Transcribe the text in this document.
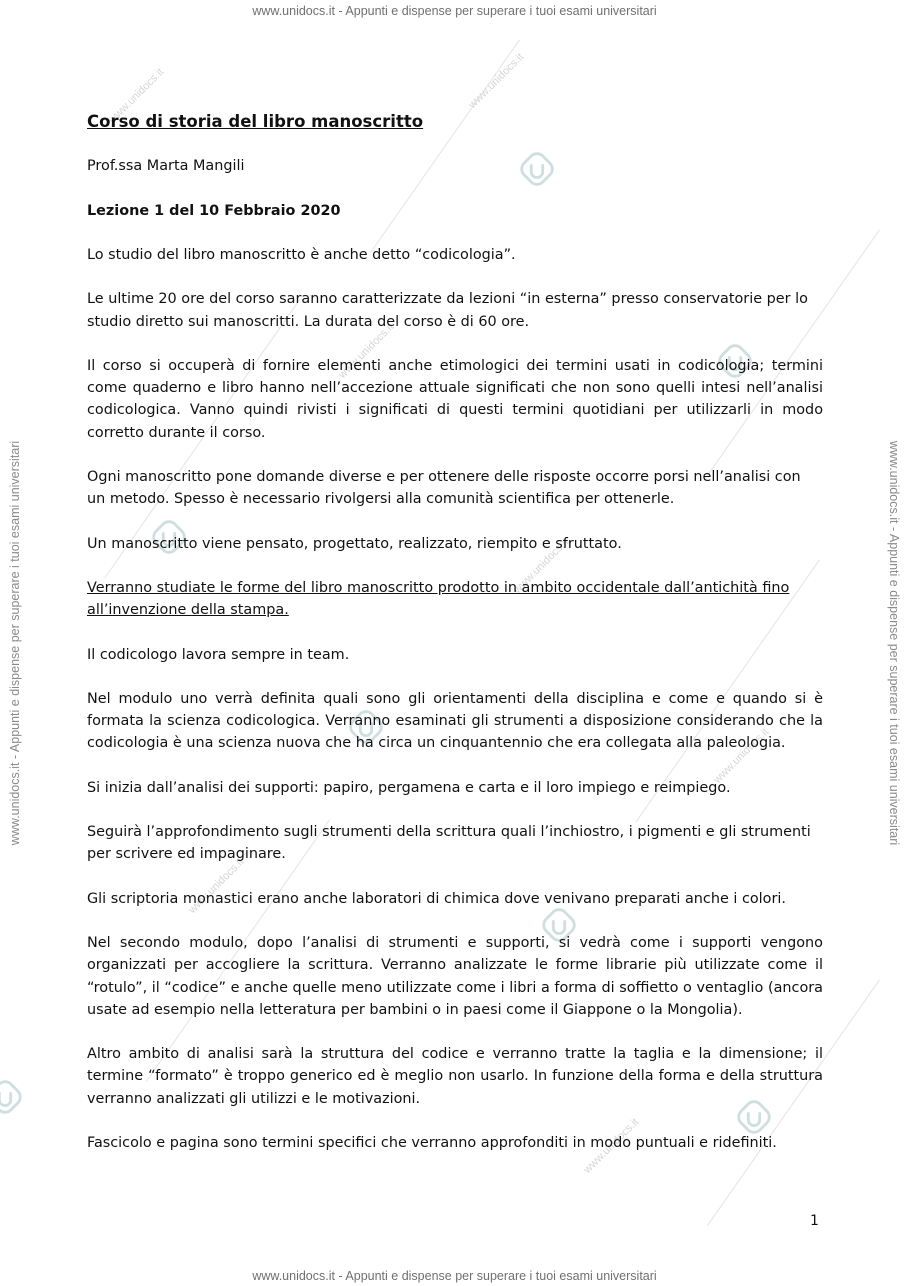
www.unidocs.it	www.unidocs.it
www.unidocs.it
www.unidocs.it
www.unidocs.it
www.unidocs.it
www.unidocs.it
www.unidocs.it - Appunti e dispense per superare i tuoi esami universitari
www.unidocs.it - Appunti e dispense per superare i tuoi esami universitari
www.unidocs.it - Appunti e dispense per superare i tuoi esami universitari	www.unidocs.it - Appunti e dispense per superare i tuoi esami universitari

Corso di storia del libro manoscritto

Prof.ssa Marta Mangili

Lezione 1 del 10 Febbraio 2020

Lo studio del libro manoscritto è anche detto “codicologia”.

Le ultime 20 ore del corso saranno caratterizzate da lezioni “in esterna” presso conservatorie per lo studio diretto sui manoscritti. La durata del corso è di 60 ore.

Il corso si occuperà di fornire elementi anche etimologici dei termini usati in codicologia; termini come quaderno e libro hanno nell’accezione attuale significati che non sono quelli intesi nell’analisi codicologica. Vanno quindi rivisti i significati di questi termini quotidiani per utilizzarli in modo corretto durante il corso.

Ogni manoscritto pone domande diverse e per ottenere delle risposte occorre porsi nell’analisi con un metodo. Spesso è necessario rivolgersi alla comunità scientifica per ottenerle.

Un manoscritto viene pensato, progettato, realizzato, riempito e sfruttato.

Verranno studiate le forme del libro manoscritto prodotto in ambito occidentale dall’antichità fino all’invenzione della stampa.

Il codicologo lavora sempre in team.

Nel modulo uno verrà definita quali sono gli orientamenti della disciplina e come e quando si è formata la scienza codicologica. Verranno esaminati gli strumenti a disposizione considerando che la codicologia è una scienza nuova che ha circa un cinquantennio che era collegata alla paleologia.

Si inizia dall’analisi dei supporti: papiro, pergamena e carta e il loro impiego e reimpiego.

Seguirà l’approfondimento sugli strumenti della scrittura quali l’inchiostro, i pigmenti e gli strumenti per scrivere ed impaginare.

Gli scriptoria monastici erano anche laboratori di chimica dove venivano preparati anche i colori.

Nel secondo modulo, dopo l’analisi di strumenti e supporti, si vedrà come i supporti vengono organizzati per accogliere la scrittura. Verranno analizzate le forme librarie più utilizzate come il “rotulo”, il “codice” e anche quelle meno utilizzate come i libri a forma di soffietto o ventaglio (ancora usate ad esempio nella letteratura per bambini o in paesi come il Giappone o la Mongolia).

Altro ambito di analisi sarà la struttura del codice e verranno tratte la taglia e la dimensione; il termine “formato” è troppo generico ed è meglio non usarlo. In funzione della forma e della struttura verranno analizzati gli utilizzi e le motivazioni.

Fascicolo e pagina sono termini specifici che verranno approfonditi in modo puntuali e ridefiniti.

1
